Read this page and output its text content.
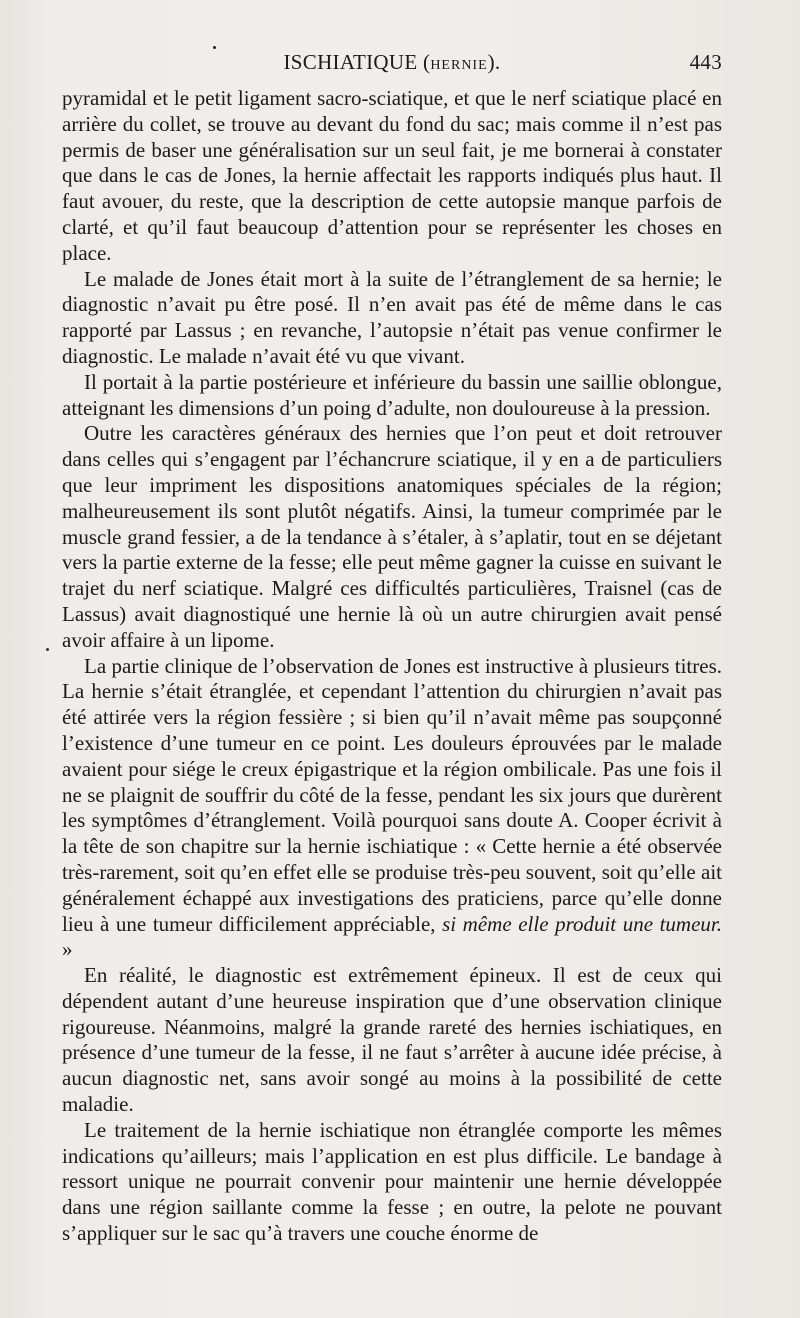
ISCHIATIQUE (HERNIE).	443

pyramidal et le petit ligament sacro-sciatique, et que le nerf sciatique placé en arrière du collet, se trouve au devant du fond du sac; mais comme il n’est pas permis de baser une généralisation sur un seul fait, je me bornerai à constater que dans le cas de Jones, la hernie affectait les rapports indiqués plus haut. Il faut avouer, du reste, que la description de cette autopsie manque parfois de clarté, et qu’il faut beaucoup d’attention pour se représenter les choses en place.

Le malade de Jones était mort à la suite de l’étranglement de sa hernie; le diagnostic n’avait pu être posé. Il n’en avait pas été de même dans le cas rapporté par Lassus ; en revanche, l’autopsie n’était pas venue confirmer le diagnostic. Le malade n’avait été vu que vivant.

Il portait à la partie postérieure et inférieure du bassin une saillie oblongue, atteignant les dimensions d’un poing d’adulte, non douloureuse à la pression.

Outre les caractères généraux des hernies que l’on peut et doit retrouver dans celles qui s’engagent par l’échancrure sciatique, il y en a de particuliers que leur impriment les dispositions anatomiques spéciales de la région; malheureusement ils sont plutôt négatifs. Ainsi, la tumeur comprimée par le muscle grand fessier, a de la tendance à s’étaler, à s’aplatir, tout en se déjetant vers la partie externe de la fesse; elle peut même gagner la cuisse en suivant le trajet du nerf sciatique. Malgré ces difficultés particulières, Traisnel (cas de Lassus) avait diagnostiqué une hernie là où un autre chirurgien avait pensé avoir affaire à un lipome.

La partie clinique de l’observation de Jones est instructive à plusieurs titres. La hernie s’était étranglée, et cependant l’attention du chirurgien n’avait pas été attirée vers la région fessière ; si bien qu’il n’avait même pas soupçonné l’existence d’une tumeur en ce point. Les douleurs éprouvées par le malade avaient pour siége le creux épigastrique et la région ombilicale. Pas une fois il ne se plaignit de souffrir du côté de la fesse, pendant les six jours que durèrent les symptômes d’étranglement. Voilà pourquoi sans doute A. Cooper écrivit à la tête de son chapitre sur la hernie ischiatique : « Cette hernie a été observée très-rarement, soit qu’en effet elle se produise très-peu souvent, soit qu’elle ait généralement échappé aux investigations des praticiens, parce qu’elle donne lieu à une tumeur difficilement appréciable, si même elle produit une tumeur. »

En réalité, le diagnostic est extrêmement épineux. Il est de ceux qui dépendent autant d’une heureuse inspiration que d’une observation clinique rigoureuse. Néanmoins, malgré la grande rareté des hernies ischiatiques, en présence d’une tumeur de la fesse, il ne faut s’arrêter à aucune idée précise, à aucun diagnostic net, sans avoir songé au moins à la possibilité de cette maladie.

Le traitement de la hernie ischiatique non étranglée comporte les mêmes indications qu’ailleurs; mais l’application en est plus difficile. Le bandage à ressort unique ne pourrait convenir pour maintenir une hernie développée dans une région saillante comme la fesse ; en outre, la pelote ne pouvant s’appliquer sur le sac qu’à travers une couche énorme de
